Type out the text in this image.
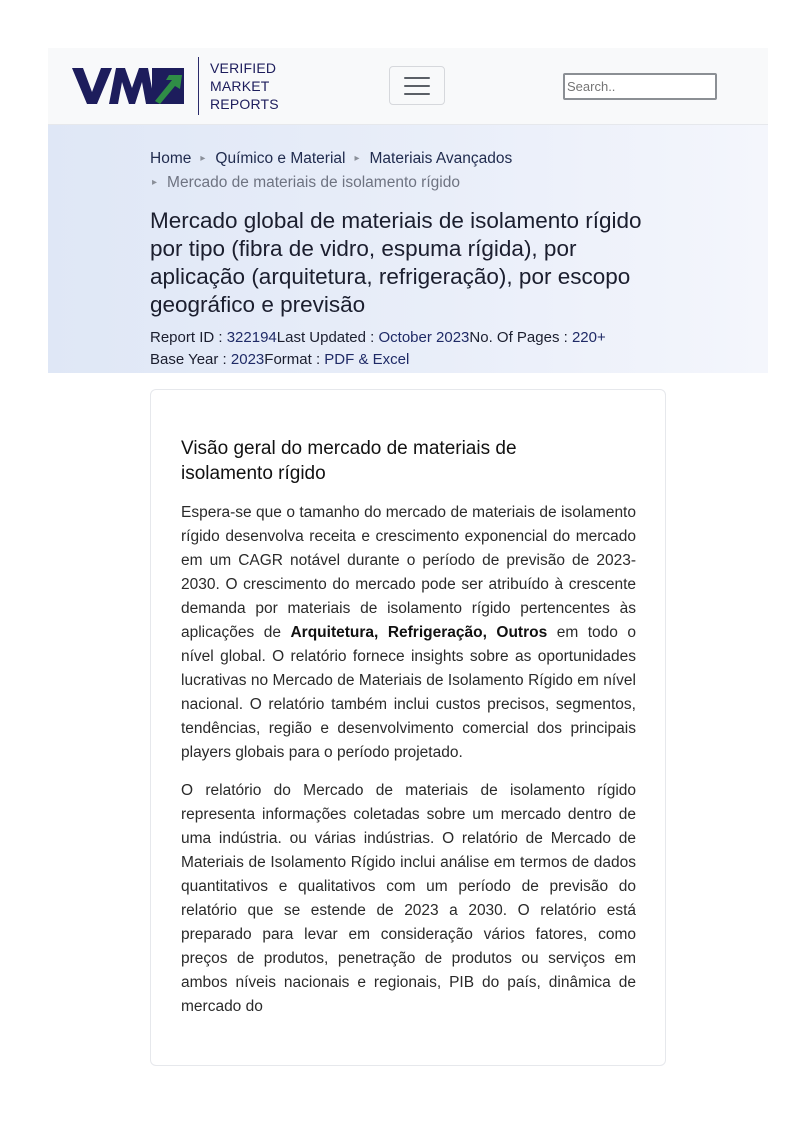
VERIFIED
MARKET
REPORTS
Search..
Home ▸ Químico e Material ▸ Materiais Avançados
▸ Mercado de materiais de isolamento rígido
Mercado global de materiais de isolamento rígido por tipo (fibra de vidro, espuma rígida), por aplicação (arquitetura, refrigeração), por escopo geográfico e previsão
Report ID : 322194Last Updated : October 2023No. Of Pages : 220+
Base Year : 2023Format : PDF & Excel
Visão geral do mercado de materiais de isolamento rígido

Espera-se que o tamanho do mercado de materiais de isolamento rígido desenvolva receita e crescimento exponencial do mercado em um CAGR notável durante o período de previsão de 2023-2030. O crescimento do mercado pode ser atribuído à crescente demanda por materiais de isolamento rígido pertencentes às aplicações de Arquitetura, Refrigeração, Outros em todo o nível global. O relatório fornece insights sobre as oportunidades lucrativas no Mercado de Materiais de Isolamento Rígido em nível nacional. O relatório também inclui custos precisos, segmentos, tendências, região e desenvolvimento comercial dos principais players globais para o período projetado.

O relatório do Mercado de materiais de isolamento rígido representa informações coletadas sobre um mercado dentro de uma indústria. ou várias indústrias. O relatório de Mercado de Materiais de Isolamento Rígido inclui análise em termos de dados quantitativos e qualitativos com um período de previsão do relatório que se estende de 2023 a 2030. O relatório está preparado para levar em consideração vários fatores, como preços de produtos, penetração de produtos ou serviços em ambos níveis nacionais e regionais, PIB do país, dinâmica de mercado do
